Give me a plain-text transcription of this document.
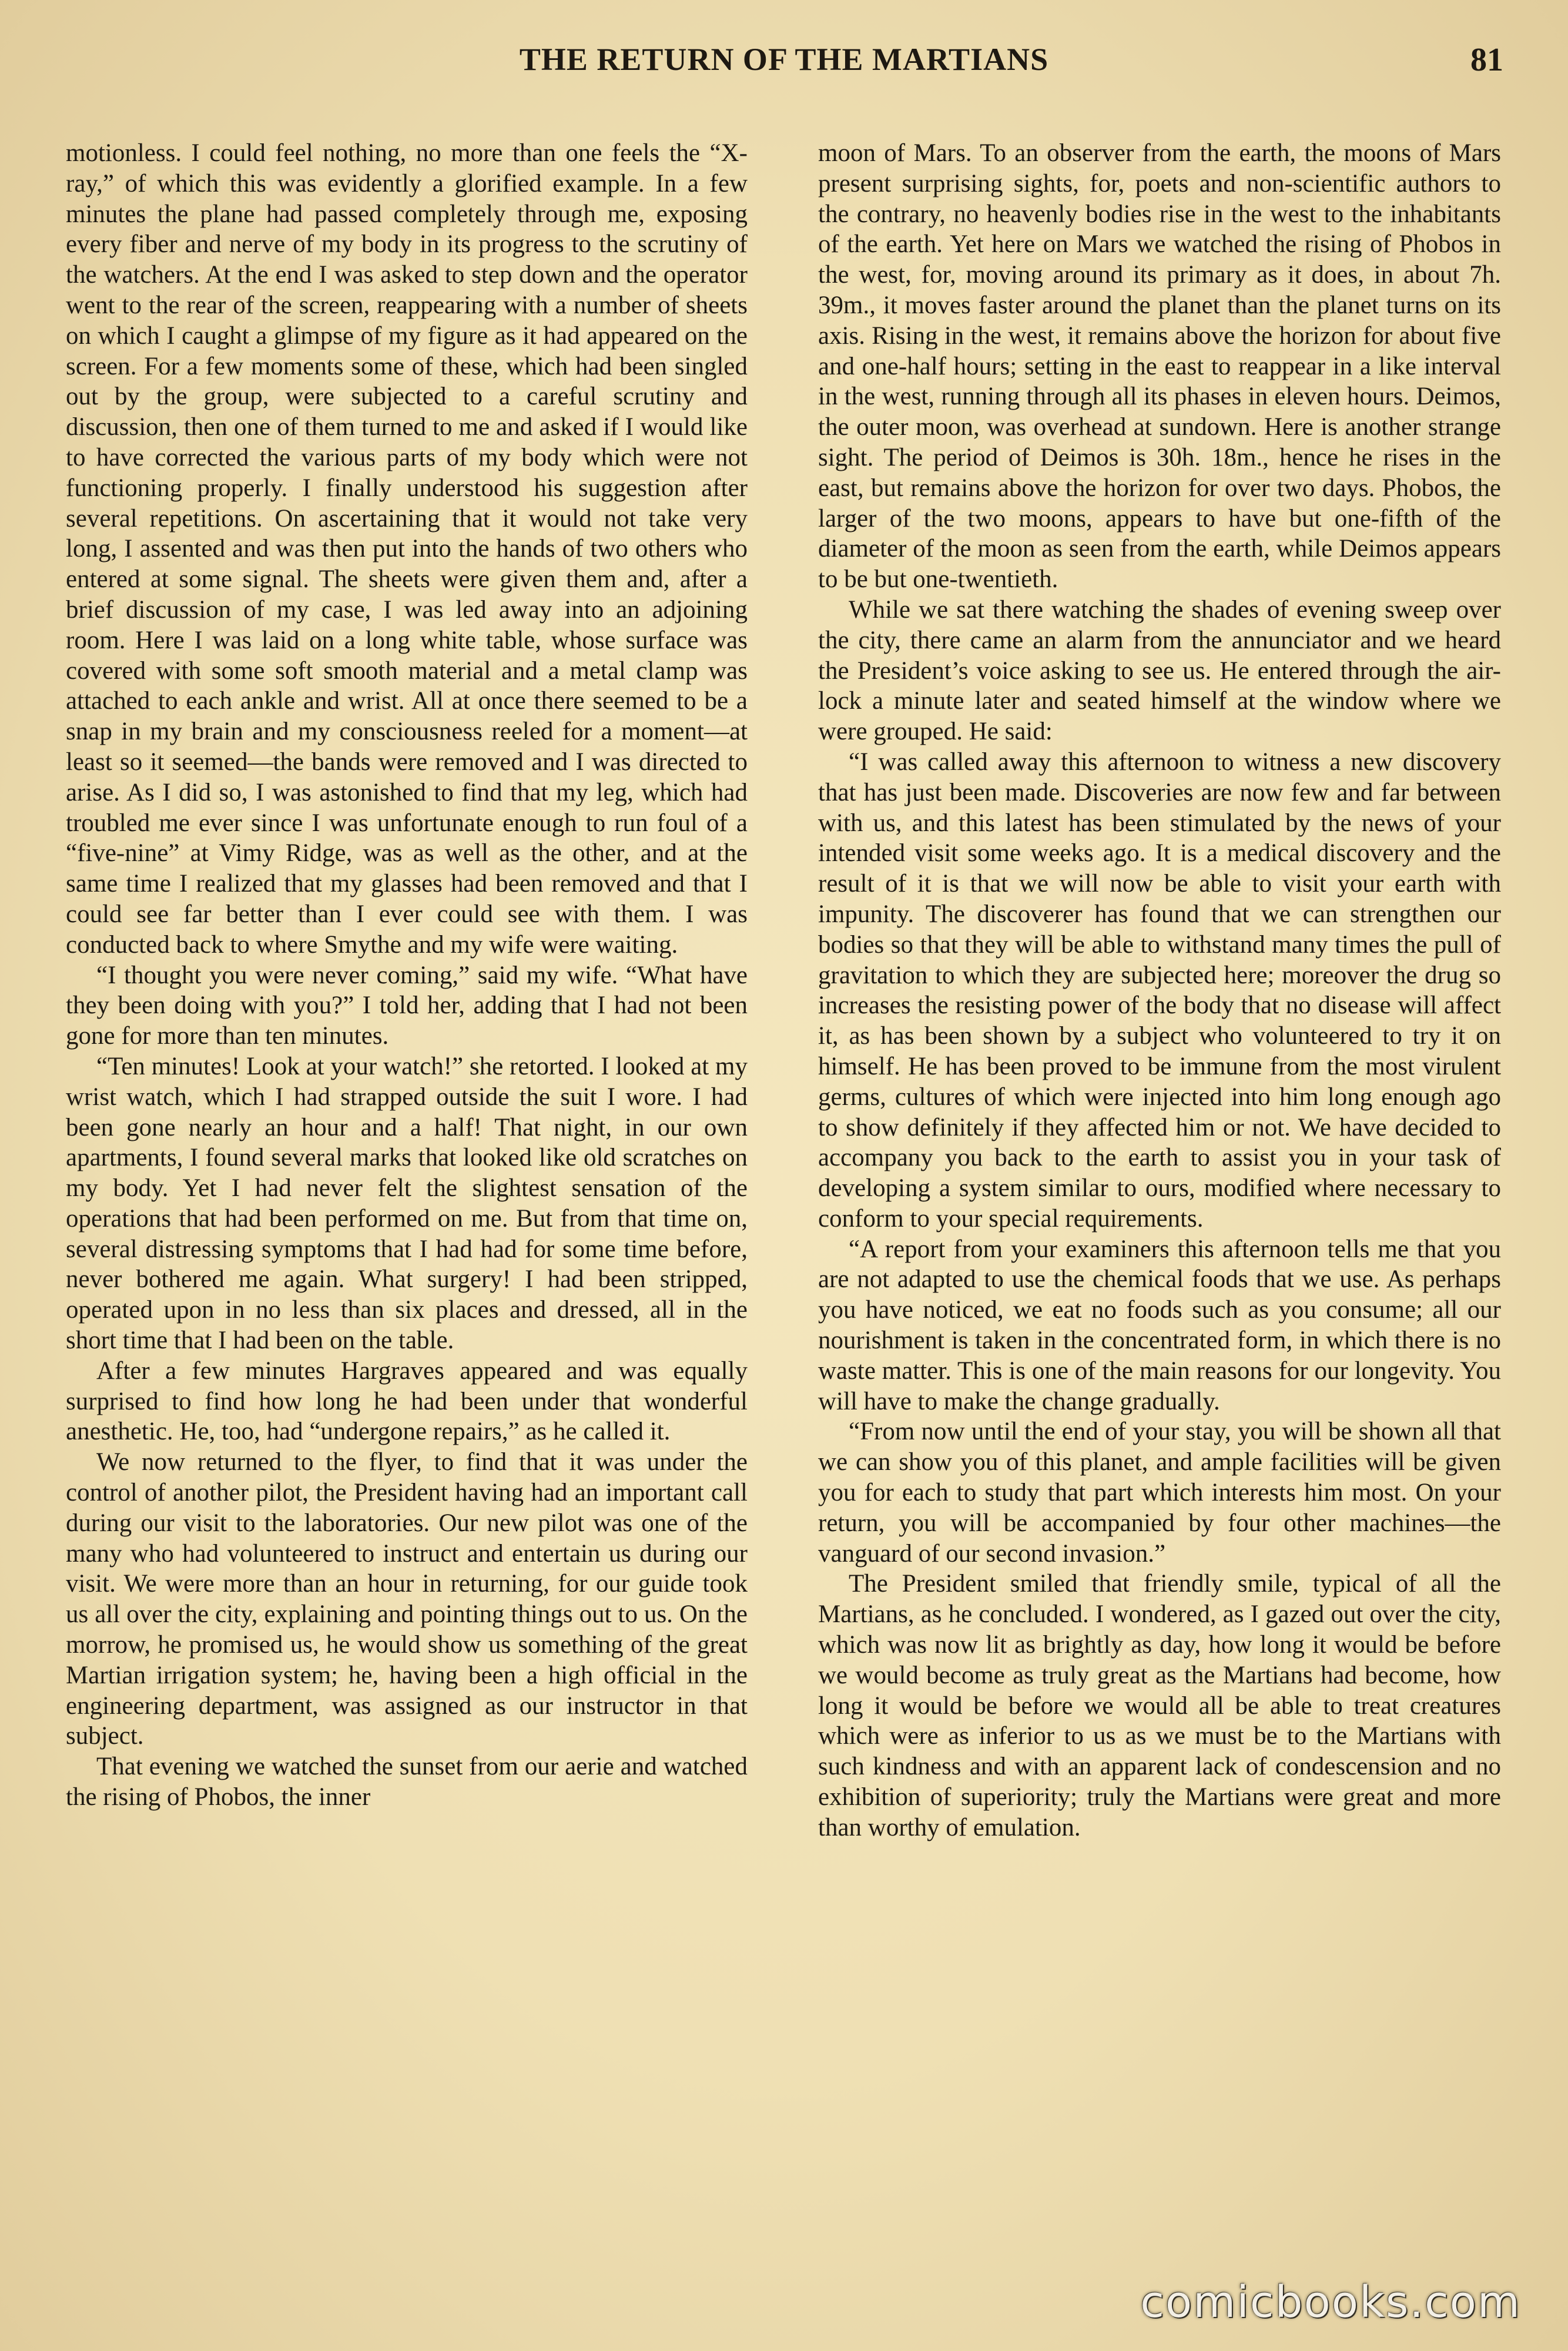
THE RETURN OF THE MARTIANS	81

motionless. I could feel nothing, no more than one feels the “X-ray,” of which this was evidently a glorified example. In a few minutes the plane had passed completely through me, exposing every fiber and nerve of my body in its progress to the scrutiny of the watchers. At the end I was asked to step down and the operator went to the rear of the screen, reappearing with a number of sheets on which I caught a glimpse of my figure as it had appeared on the screen. For a few moments some of these, which had been singled out by the group, were subjected to a careful scrutiny and discussion, then one of them turned to me and asked if I would like to have corrected the various parts of my body which were not functioning properly. I finally understood his suggestion after several repetitions. On ascertaining that it would not take very long, I assented and was then put into the hands of two others who entered at some signal. The sheets were given them and, after a brief discussion of my case, I was led away into an adjoining room. Here I was laid on a long white table, whose surface was covered with some soft smooth material and a metal clamp was attached to each ankle and wrist. All at once there seemed to be a snap in my brain and my consciousness reeled for a moment—at least so it seemed—the bands were removed and I was directed to arise. As I did so, I was astonished to find that my leg, which had troubled me ever since I was unfortunate enough to run foul of a “five-nine” at Vimy Ridge, was as well as the other, and at the same time I realized that my glasses had been removed and that I could see far better than I ever could see with them. I was conducted back to where Smythe and my wife were waiting.

“I thought you were never coming,” said my wife. “What have they been doing with you?” I told her, adding that I had not been gone for more than ten minutes.

“Ten minutes! Look at your watch!” she retorted. I looked at my wrist watch, which I had strapped outside the suit I wore. I had been gone nearly an hour and a half! That night, in our own apartments, I found several marks that looked like old scratches on my body. Yet I had never felt the slightest sensation of the operations that had been performed on me. But from that time on, several distressing symptoms that I had had for some time before, never bothered me again. What surgery! I had been stripped, operated upon in no less than six places and dressed, all in the short time that I had been on the table.

After a few minutes Hargraves appeared and was equally surprised to find how long he had been under that wonderful anesthetic. He, too, had “undergone repairs,” as he called it.

We now returned to the flyer, to find that it was under the control of another pilot, the President having had an important call during our visit to the laboratories. Our new pilot was one of the many who had volunteered to instruct and entertain us during our visit. We were more than an hour in returning, for our guide took us all over the city, explaining and pointing things out to us. On the morrow, he promised us, he would show us something of the great Martian irrigation system; he, having been a high official in the engineering department, was assigned as our instructor in that subject.

That evening we watched the sunset from our aerie and watched the rising of Phobos, the inner

moon of Mars. To an observer from the earth, the moons of Mars present surprising sights, for, poets and non-scientific authors to the contrary, no heavenly bodies rise in the west to the inhabitants of the earth. Yet here on Mars we watched the rising of Phobos in the west, for, moving around its primary as it does, in about 7h. 39m., it moves faster around the planet than the planet turns on its axis. Rising in the west, it remains above the horizon for about five and one-half hours; setting in the east to reappear in a like interval in the west, running through all its phases in eleven hours. Deimos, the outer moon, was overhead at sundown. Here is another strange sight. The period of Deimos is 30h. 18m., hence he rises in the east, but remains above the horizon for over two days. Phobos, the larger of the two moons, appears to have but one-fifth of the diameter of the moon as seen from the earth, while Deimos appears to be but one-twentieth.

While we sat there watching the shades of evening sweep over the city, there came an alarm from the annunciator and we heard the President’s voice asking to see us. He entered through the air-lock a minute later and seated himself at the window where we were grouped. He said:

“I was called away this afternoon to witness a new discovery that has just been made. Discoveries are now few and far between with us, and this latest has been stimulated by the news of your intended visit some weeks ago. It is a medical discovery and the result of it is that we will now be able to visit your earth with impunity. The discoverer has found that we can strengthen our bodies so that they will be able to withstand many times the pull of gravitation to which they are subjected here; moreover the drug so increases the resisting power of the body that no disease will affect it, as has been shown by a subject who volunteered to try it on himself. He has been proved to be immune from the most virulent germs, cultures of which were injected into him long enough ago to show definitely if they affected him or not. We have decided to accompany you back to the earth to assist you in your task of developing a system similar to ours, modified where necessary to conform to your special requirements.

“A report from your examiners this afternoon tells me that you are not adapted to use the chemical foods that we use. As perhaps you have noticed, we eat no foods such as you consume; all our nourishment is taken in the concentrated form, in which there is no waste matter. This is one of the main reasons for our longevity. You will have to make the change gradually.

“From now until the end of your stay, you will be shown all that we can show you of this planet, and ample facilities will be given you for each to study that part which interests him most. On your return, you will be accompanied by four other machines—the vanguard of our second invasion.”

The President smiled that friendly smile, typical of all the Martians, as he concluded. I wondered, as I gazed out over the city, which was now lit as brightly as day, how long it would be before we would become as truly great as the Martians had become, how long it would be before we would all be able to treat creatures which were as inferior to us as we must be to the Martians with such kindness and with an apparent lack of condescension and no exhibition of superiority; truly the Martians were great and more than worthy of emulation.

comicbooks.com
